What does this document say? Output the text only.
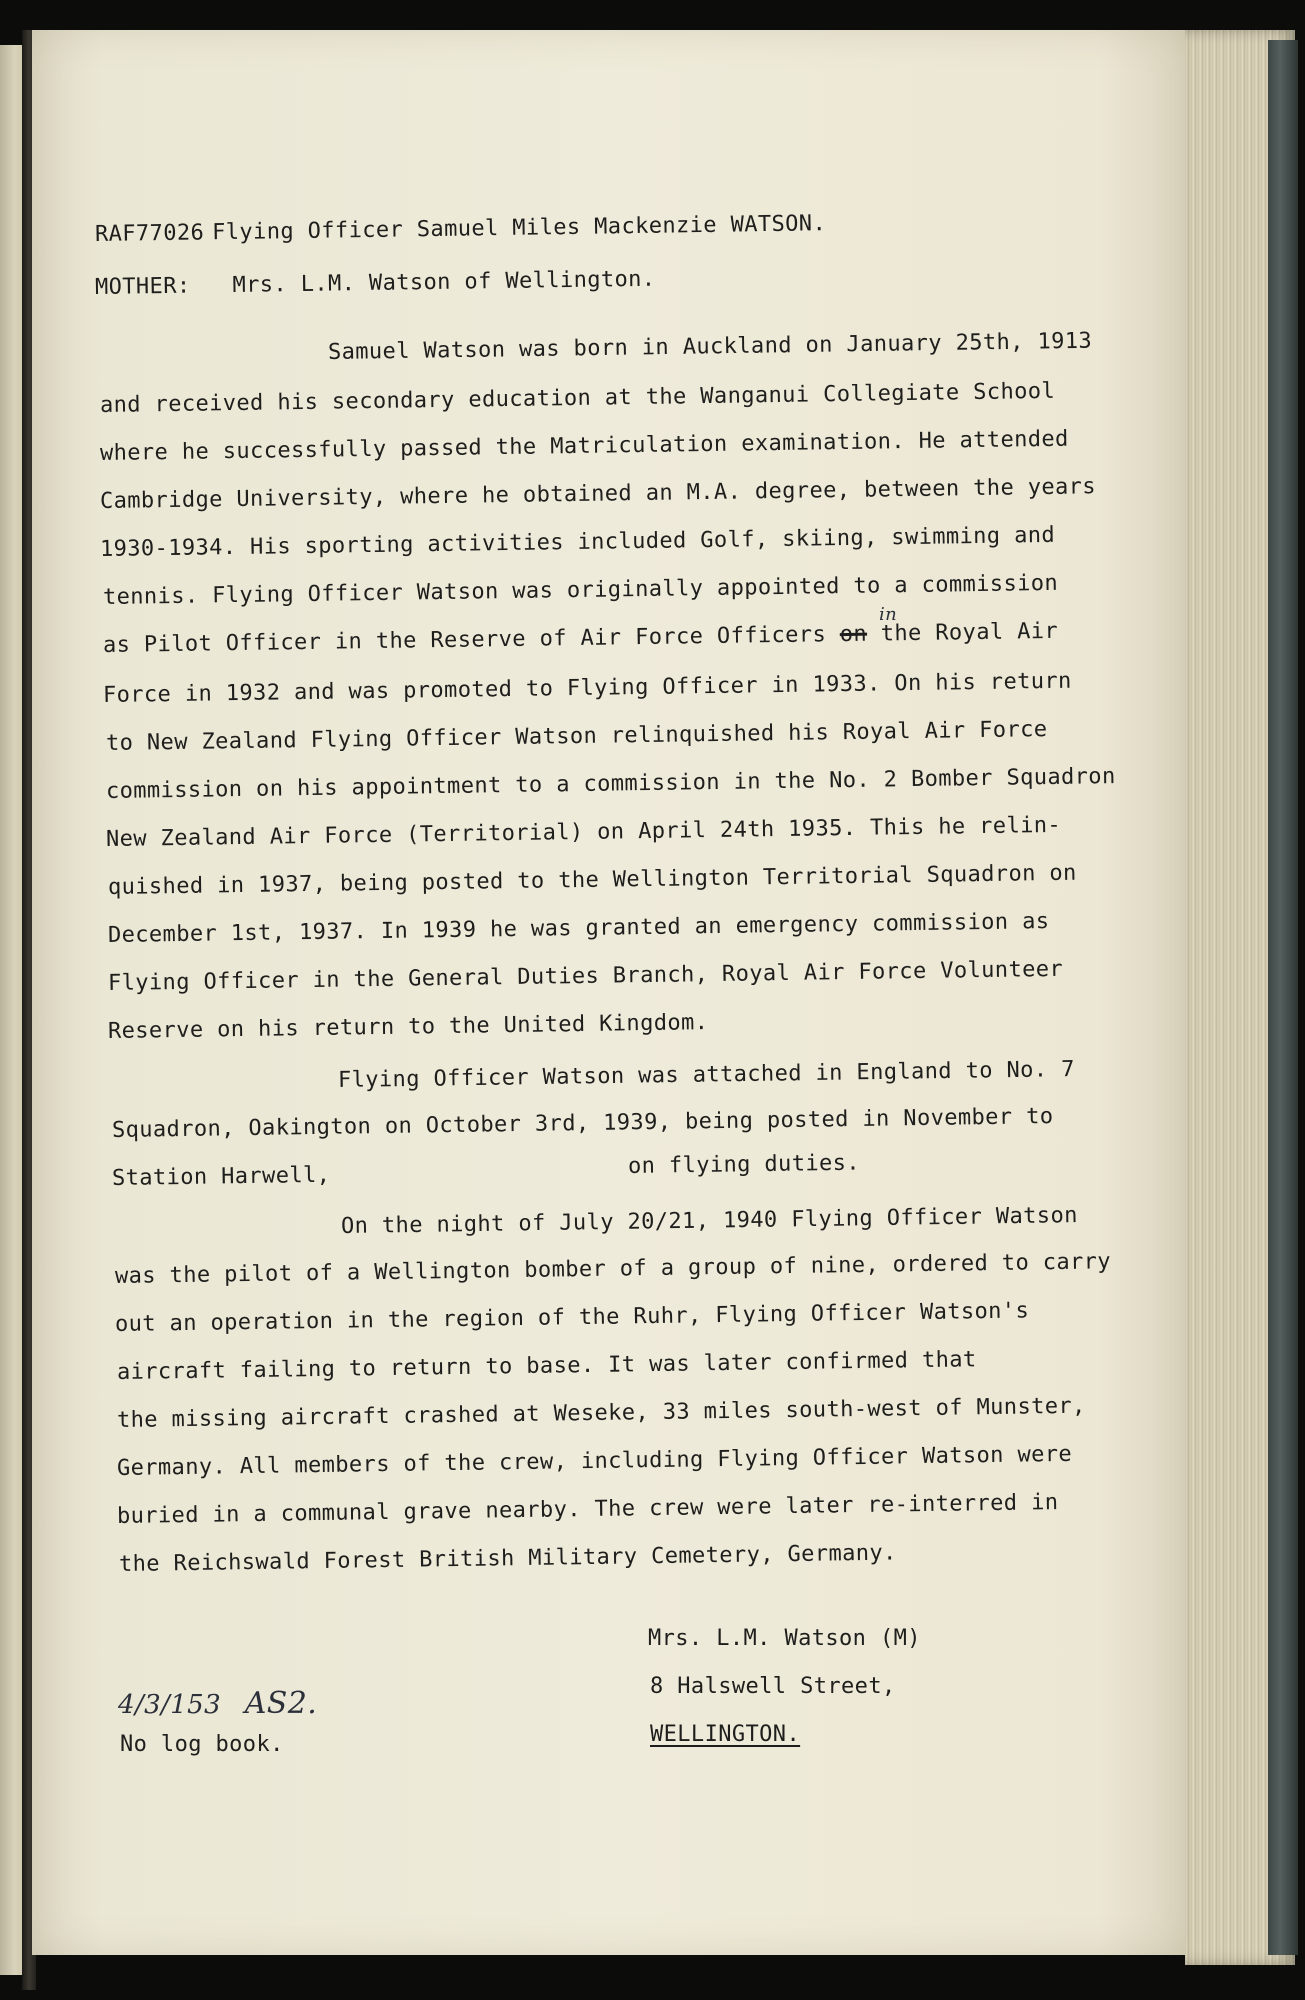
RAF77026 Flying Officer Samuel Miles Mackenzie WATSON.
MOTHER: Mrs. L.M. Watson of Wellington.
Samuel Watson was born in Auckland on January 25th, 1913
and received his secondary education at the Wanganui Collegiate School
where he successfully passed the Matriculation examination. He attended
Cambridge University, where he obtained an M.A. degree, between the years
1930-1934. His sporting activities included Golf, skiing, swimming and
tennis. Flying Officer Watson was originally appointed to a commission
as Pilot Officer in the Reserve of Air Force Officers on the Royal Air
in
Force in 1932 and was promoted to Flying Officer in 1933. On his return
to New Zealand Flying Officer Watson relinquished his Royal Air Force
commission on his appointment to a commission in the No. 2 Bomber Squadron
New Zealand Air Force (Territorial) on April 24th 1935. This he relin-
quished in 1937, being posted to the Wellington Territorial Squadron on
December 1st, 1937. In 1939 he was granted an emergency commission as
Flying Officer in the General Duties Branch, Royal Air Force Volunteer
Reserve on his return to the United Kingdom.
Flying Officer Watson was attached in England to No. 7
Squadron, Oakington on October 3rd, 1939, being posted in November to
Station Harwell,	on flying duties.
On the night of July 20/21, 1940 Flying Officer Watson
was the pilot of a Wellington bomber of a group of nine, ordered to carry
out an operation in the region of the Ruhr, Flying Officer Watson's
aircraft failing to return to base. It was later confirmed that
the missing aircraft crashed at Weseke, 33 miles south-west of Munster,
Germany. All members of the crew, including Flying Officer Watson were
buried in a communal grave nearby. The crew were later re-interred in
the Reichswald Forest British Military Cemetery, Germany.
Mrs. L.M. Watson (M)
8 Halswell Street,
WELLINGTON.
4/3/153 AS2.
No log book.
